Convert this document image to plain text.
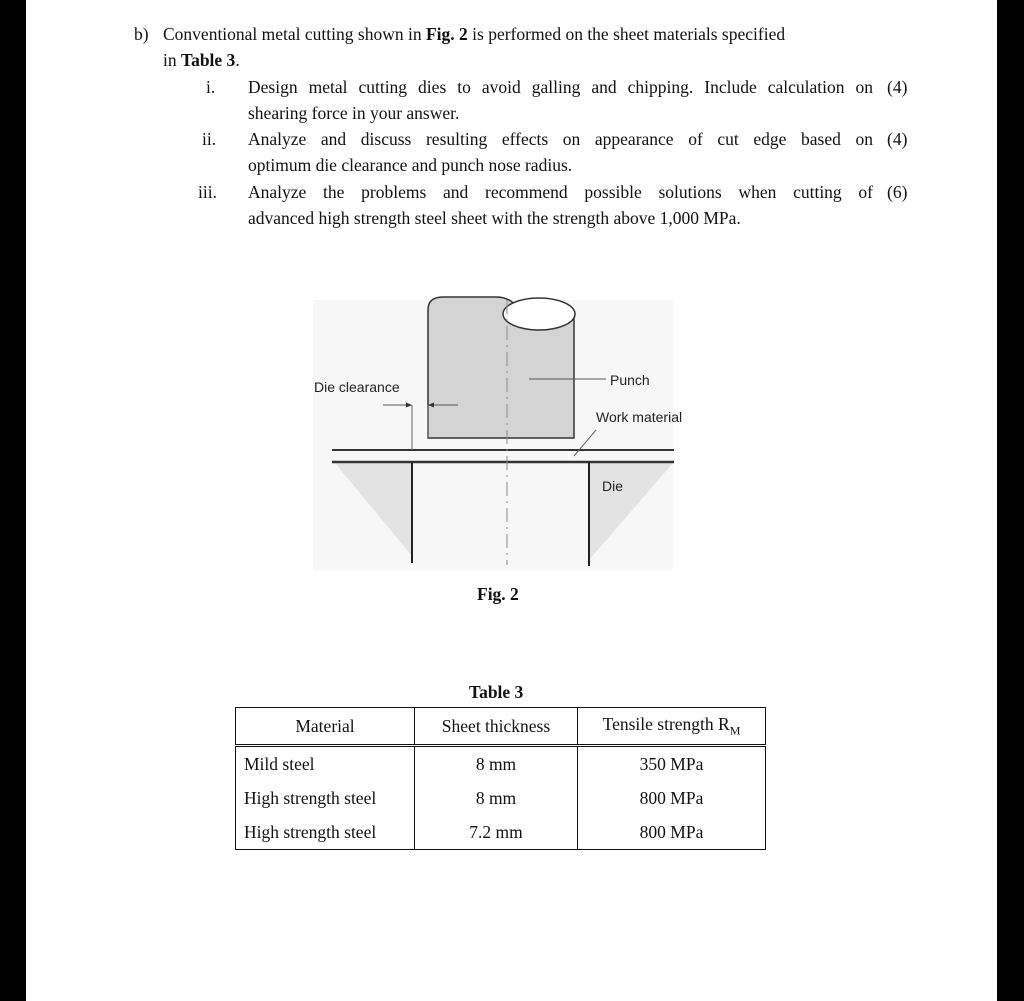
b) Conventional metal cutting shown in Fig. 2 is performed on the sheet materials specified
in Table 3.
i. Design metal cutting dies to avoid galling and chipping. Include calculation on
shearing force in your answer.
(4)
ii. Analyze and discuss resulting effects on appearance of cut edge based on
optimum die clearance and punch nose radius.
(4)
iii. Analyze the problems and recommend possible solutions when cutting of
advanced high strength steel sheet with the strength above 1,000 MPa.
(6)
Die clearance	Punch
Work material
Die
Fig. 2
Table 3
Material	Sheet thickness	Tensile strength $R_M$
Mild steel	8 mm	350 MPa
High strength steel	8 mm	800 MPa
High strength steel	7.2 mm	800 MPa
